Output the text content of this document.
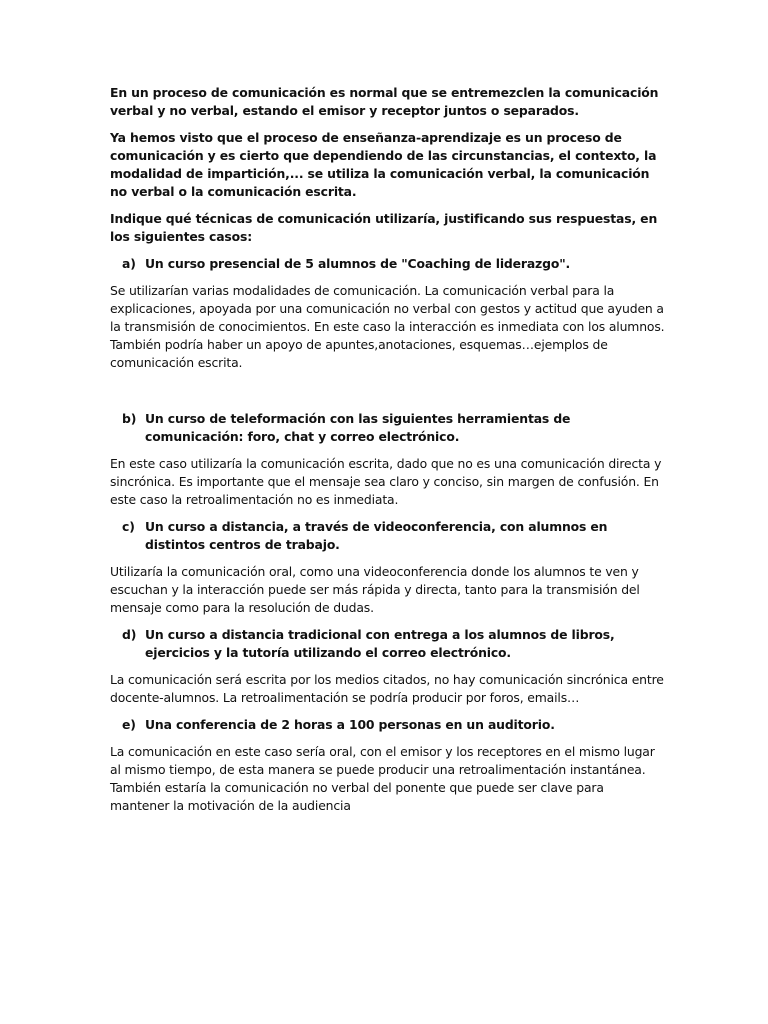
En un proceso de comunicación es normal que se entremezclen la comunicación verbal y no verbal, estando el emisor y receptor juntos o separados.

Ya hemos visto que el proceso de enseñanza-aprendizaje es un proceso de comunicación y es cierto que dependiendo de las circunstancias, el contexto, la modalidad de impartición,... se utiliza la comunicación verbal, la comunicación no verbal o la comunicación escrita.

Indique qué técnicas de comunicación utilizaría, justificando sus respuestas, en los siguientes casos:

a) Un curso presencial de 5 alumnos de "Coaching de liderazgo".

Se utilizarían varias modalidades de comunicación. La comunicación verbal para la explicaciones, apoyada por una comunicación no verbal con gestos y actitud que ayuden a la transmisión de conocimientos. En este caso la interacción es inmediata con los alumnos. También podría haber un apoyo de apuntes,anotaciones, esquemas…ejemplos de comunicación escrita.

b) Un curso de teleformación con las siguientes herramientas de comunicación: foro, chat y correo electrónico.

En este caso utilizaría la comunicación escrita, dado que no es una comunicación directa y sincrónica. Es importante que el mensaje sea claro y conciso, sin margen de confusión. En este caso la retroalimentación no es inmediata.

c) Un curso a distancia, a través de videoconferencia, con alumnos en distintos centros de trabajo.

Utilizaría la comunicación oral, como una videoconferencia donde los alumnos te ven y escuchan y la interacción puede ser más rápida y directa, tanto para la transmisión del mensaje como para la resolución de dudas.

d) Un curso a distancia tradicional con entrega a los alumnos de libros, ejercicios y la tutoría utilizando el correo electrónico.

La comunicación será escrita por los medios citados, no hay comunicación sincrónica entre docente-alumnos. La retroalimentación se podría producir por foros, emails…

e) Una conferencia de 2 horas a 100 personas en un auditorio.

La comunicación en este caso sería oral, con el emisor y los receptores en el mismo lugar al mismo tiempo, de esta manera se puede producir una retroalimentación instantánea. También estaría la comunicación no verbal del ponente que puede ser clave para mantener la motivación de la audiencia
